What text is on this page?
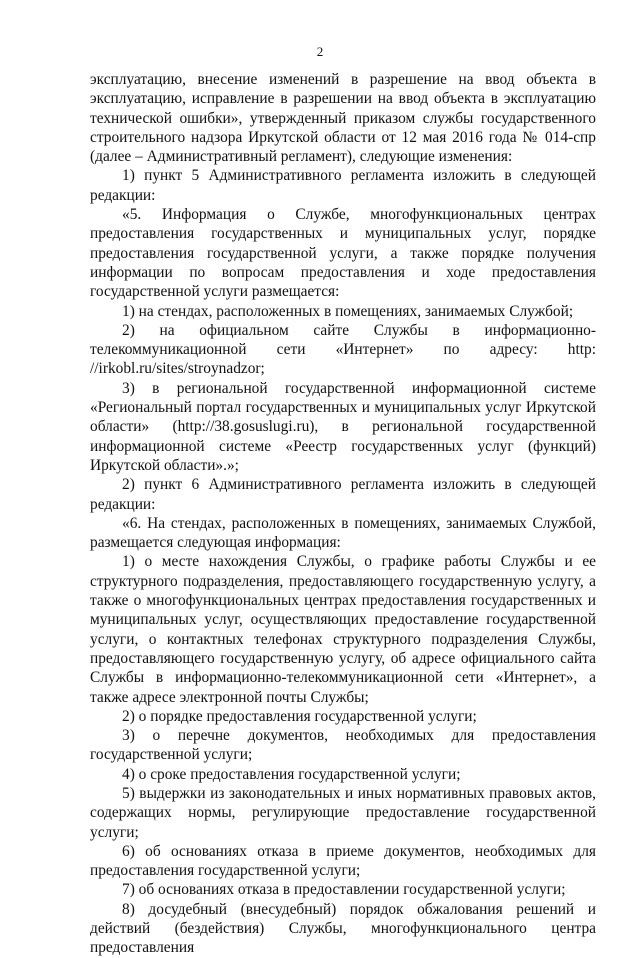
2

эксплуатацию, внесение изменений в разрешение на ввод объекта в эксплуатацию, исправление в разрешении на ввод объекта в эксплуатацию технической ошибки», утвержденный приказом службы государственного строительного надзора Иркутской области от 12 мая 2016 года № 014-спр (далее – Административный регламент), следующие изменения:

1) пункт 5 Административного регламента изложить в следующей редакции:

«5. Информация о Службе, многофункциональных центрах предоставления государственных и муниципальных услуг, порядке предоставления государственной услуги, а также порядке получения информации по вопросам предоставления и ходе предоставления государственной услуги размещается:

1) на стендах, расположенных в помещениях, занимаемых Службой;

2) на официальном сайте Службы в информационно-телекоммуникационной сети «Интернет» по адресу: http: //irkobl.ru/sites/stroynadzor;

3) в региональной государственной информационной системе «Региональный портал государственных и муниципальных услуг Иркутской области» (http://38.gosuslugi.ru), в региональной государственной информационной системе «Реестр государственных услуг (функций) Иркутской области».»;

2) пункт 6 Административного регламента изложить в следующей редакции:

«6. На стендах, расположенных в помещениях, занимаемых Службой, размещается следующая информация:

1) о месте нахождения Службы, о графике работы Службы и ее структурного подразделения, предоставляющего государственную услугу, а также о многофункциональных центрах предоставления государственных и муниципальных услуг, осуществляющих предоставление государственной услуги, о контактных телефонах структурного подразделения Службы, предоставляющего государственную услугу, об адресе официального сайта Службы в информационно-телекоммуникационной сети «Интернет», а также адресе электронной почты Службы;

2) о порядке предоставления государственной услуги;

3) о перечне документов, необходимых для предоставления государственной услуги;

4) о сроке предоставления государственной услуги;

5) выдержки из законодательных и иных нормативных правовых актов, содержащих нормы, регулирующие предоставление государственной услуги;

6) об основаниях отказа в приеме документов, необходимых для предоставления государственной услуги;

7) об основаниях отказа в предоставлении государственной услуги;

8) досудебный (внесудебный) порядок обжалования решений и действий (бездействия) Службы, многофункционального центра предоставления
